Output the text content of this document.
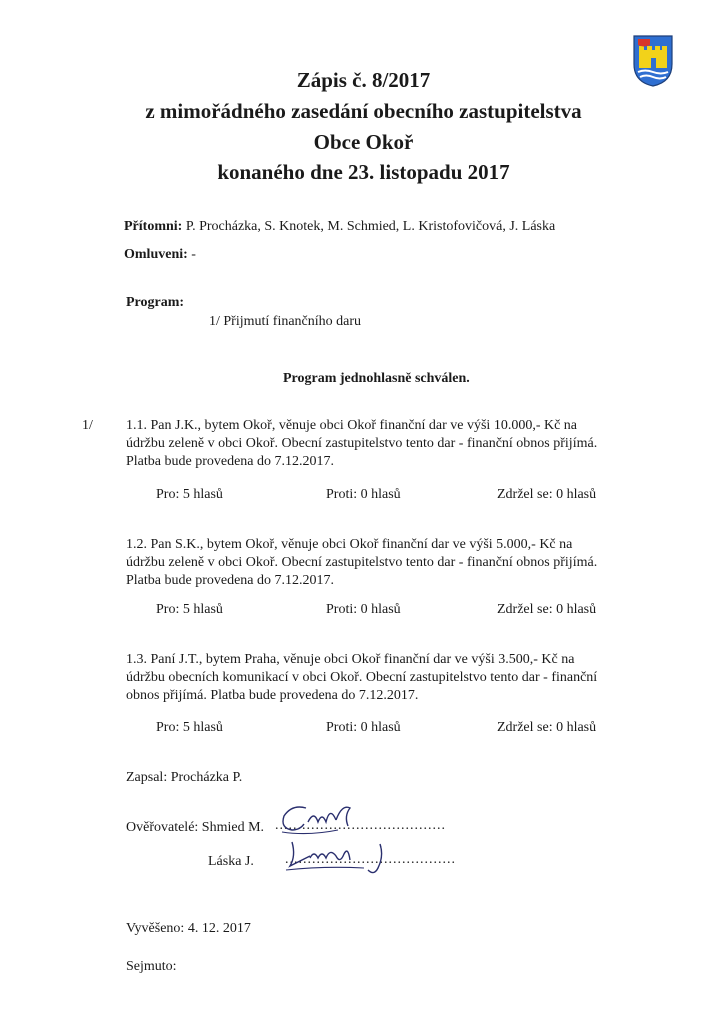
Zápis č. 8/2017
z mimořádného zasedání obecního zastupitelstva
Obce Okoř
konaného dne 23. listopadu 2017
Přítomni: P. Procházka, S. Knotek, M. Schmied, L. Kristofovičová, J. Láska
Omluveni: -
Program:
1/ Přijmutí finančního daru
Program jednohlasně schválen.
1/ 1.1. Pan J.K., bytem Okoř, věnuje obci Okoř finanční dar ve výši 10.000,- Kč na
údržbu zeleně v obci Okoř. Obecní zastupitelstvo tento dar - finanční obnos přijímá.
Platba bude provedena do 7.12.2017.
Pro: 5 hlasů	Proti: 0 hlasů	Zdržel se: 0 hlasů
1.2. Pan S.K., bytem Okoř, věnuje obci Okoř finanční dar ve výši 5.000,- Kč na
údržbu zeleně v obci Okoř. Obecní zastupitelstvo tento dar - finanční obnos přijímá.
Platba bude provedena do 7.12.2017.
Pro: 5 hlasů	Proti: 0 hlasů	Zdržel se: 0 hlasů
1.3. Paní J.T., bytem Praha, věnuje obci Okoř finanční dar ve výši 3.500,- Kč na
údržbu obecních komunikací v obci Okoř. Obecní zastupitelstvo tento dar - finanční
obnos přijímá. Platba bude provedena do 7.12.2017.
Pro: 5 hlasů	Proti: 0 hlasů	Zdržel se: 0 hlasů
Zapsal: Procházka P.
Ověřovatelé: Shmied M. ......................................
Láska J. ......................................
Vyvěšeno: 4. 12. 2017
Sejmuto:
